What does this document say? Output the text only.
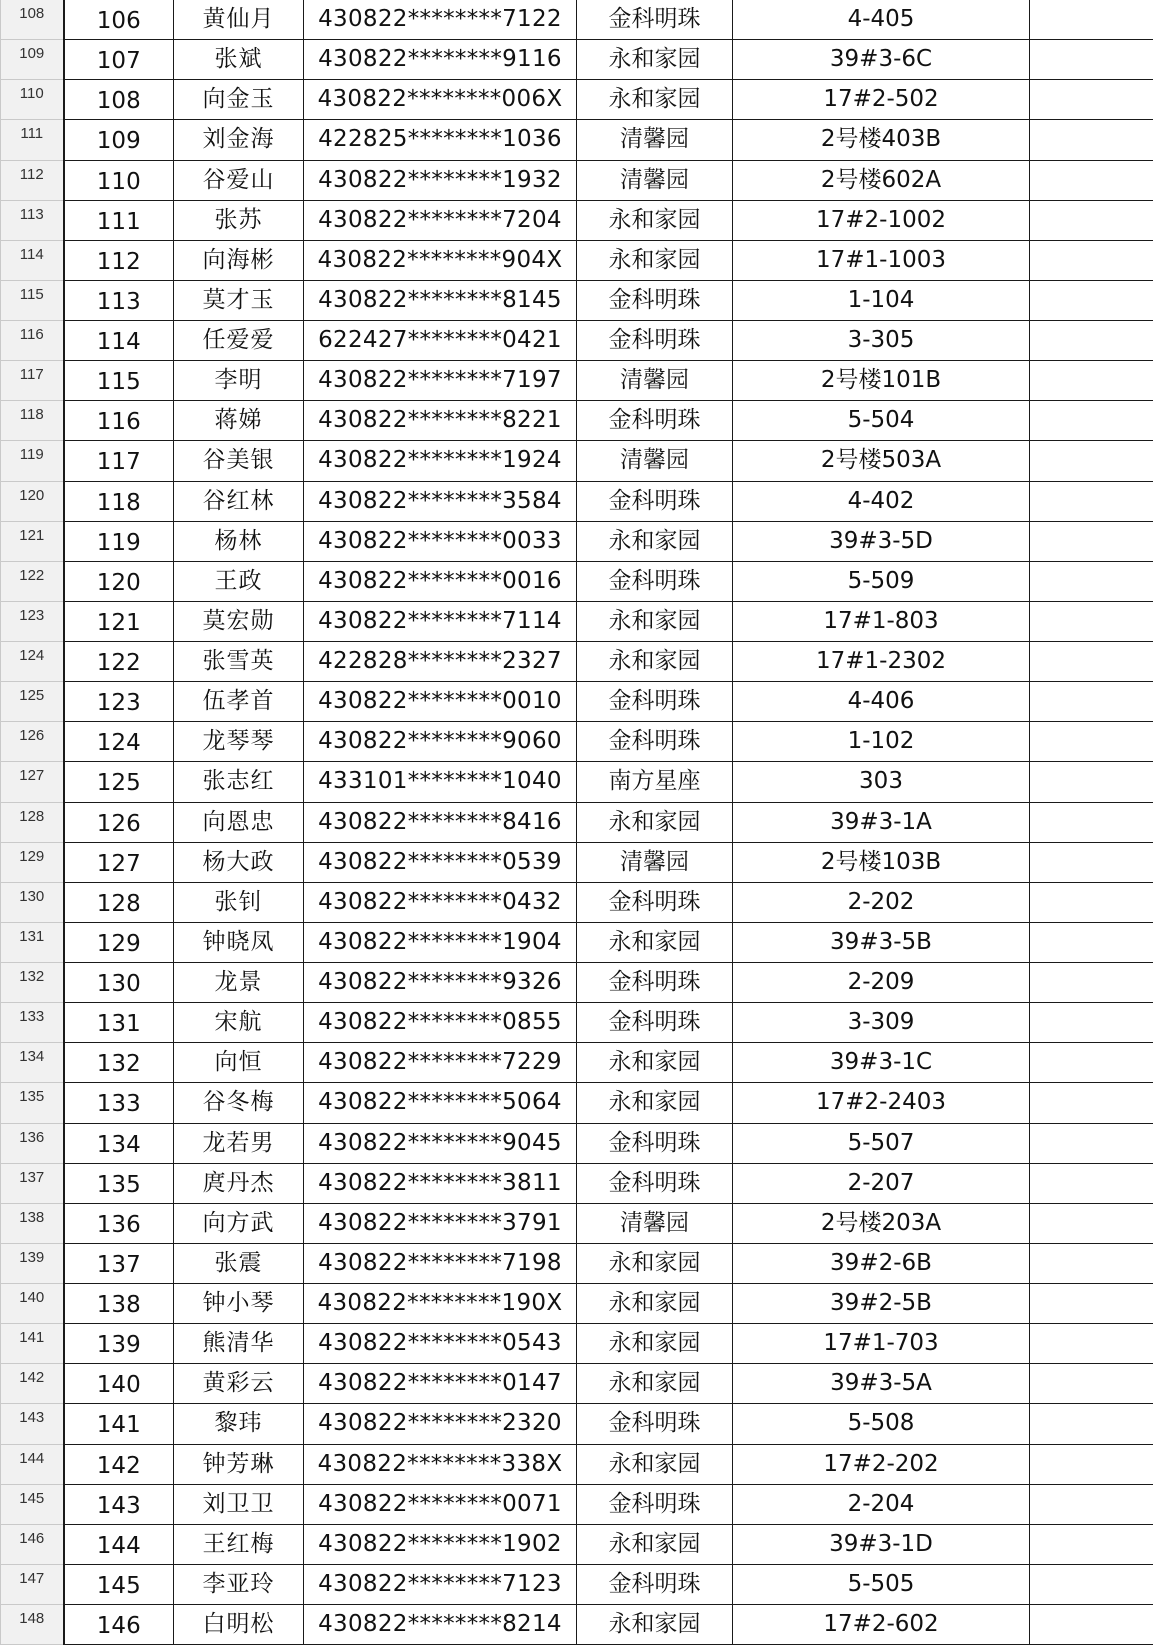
108	106	黄仙月	430822********7122	金科明珠	4-405	
109	107	张斌	430822********9116	永和家园	39#3-6C	
110	108	向金玉	430822********006X	永和家园	17#2-502	
111	109	刘金海	422825********1036	清馨园	2号楼403B	
112	110	谷爱山	430822********1932	清馨园	2号楼602A	
113	111	张苏	430822********7204	永和家园	17#2-1002	
114	112	向海彬	430822********904X	永和家园	17#1-1003	
115	113	莫才玉	430822********8145	金科明珠	1-104	
116	114	任爱爱	622427********0421	金科明珠	3-305	
117	115	李明	430822********7197	清馨园	2号楼101B	
118	116	蒋娣	430822********8221	金科明珠	5-504	
119	117	谷美银	430822********1924	清馨园	2号楼503A	
120	118	谷红林	430822********3584	金科明珠	4-402	
121	119	杨林	430822********0033	永和家园	39#3-5D	
122	120	王政	430822********0016	金科明珠	5-509	
123	121	莫宏勋	430822********7114	永和家园	17#1-803	
124	122	张雪英	422828********2327	永和家园	17#1-2302	
125	123	伍孝首	430822********0010	金科明珠	4-406	
126	124	龙琴琴	430822********9060	金科明珠	1-102	
127	125	张志红	433101********1040	南方星座	303	
128	126	向恩忠	430822********8416	永和家园	39#3-1A	
129	127	杨大政	430822********0539	清馨园	2号楼103B	
130	128	张钊	430822********0432	金科明珠	2-202	
131	129	钟晓凤	430822********1904	永和家园	39#3-5B	
132	130	龙景	430822********9326	金科明珠	2-209	
133	131	宋航	430822********0855	金科明珠	3-309	
134	132	向恒	430822********7229	永和家园	39#3-1C	
135	133	谷冬梅	430822********5064	永和家园	17#2-2403	
136	134	龙若男	430822********9045	金科明珠	5-507	
137	135	庹丹杰	430822********3811	金科明珠	2-207	
138	136	向方武	430822********3791	清馨园	2号楼203A	
139	137	张震	430822********7198	永和家园	39#2-6B	
140	138	钟小琴	430822********190X	永和家园	39#2-5B	
141	139	熊清华	430822********0543	永和家园	17#1-703	
142	140	黄彩云	430822********0147	永和家园	39#3-5A	
143	141	黎玮	430822********2320	金科明珠	5-508	
144	142	钟芳琳	430822********338X	永和家园	17#2-202	
145	143	刘卫卫	430822********0071	金科明珠	2-204	
146	144	王红梅	430822********1902	永和家园	39#3-1D	
147	145	李亚玲	430822********7123	金科明珠	5-505	
148	146	白明松	430822********8214	永和家园	17#2-602	
